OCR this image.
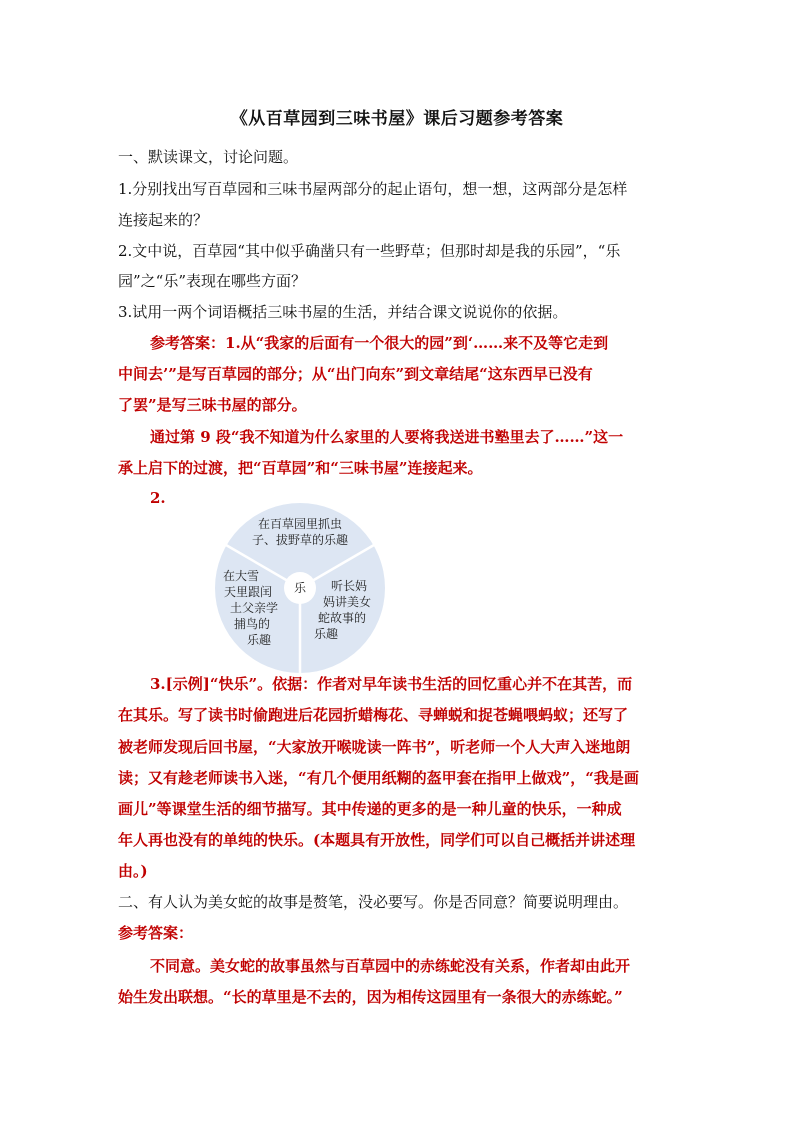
《从百草园到三味书屋》课后习题参考答案
一、默读课文，讨论问题。
1.分别找出写百草园和三味书屋两部分的起止语句，想一想，这两部分是怎样
连接起来的？
2.文中说，百草园“其中似乎确凿只有一些野草；但那时却是我的乐园”，“乐
园”之“乐”表现在哪些方面？
3.试用一两个词语概括三味书屋的生活，并结合课文说说你的依据。
参考答案：1.从“我家的后面有一个很大的园”到‘……来不及等它走到
中间去’”是写百草园的部分；从“出门向东”到文章结尾“这东西早已没有
了罢”是写三味书屋的部分。
通过第 9 段“我不知道为什么家里的人要将我送进书塾里去了……”这一
承上启下的过渡，把“百草园”和“三味书屋”连接起来。
2.
乐
在百草园里抓虫
子、拔野草的乐趣
在大雪
天里跟闰
土父亲学
捕鸟的
乐趣
听长妈
妈讲美女
蛇故事的
乐趣
3.[示例]“快乐”。依据：作者对早年读书生活的回忆重心并不在其苦，而
在其乐。写了读书时偷跑进后花园折蜡梅花、寻蝉蜕和捉苍蝇喂蚂蚁；还写了
被老师发现后回书屋，“大家放开喉咙读一阵书”，听老师一个人大声入迷地朗
读；又有趁老师读书入迷，“有几个便用纸糊的盔甲套在指甲上做戏”，“我是画
画儿”等课堂生活的细节描写。其中传递的更多的是一种儿童的快乐，一种成
年人再也没有的单纯的快乐。(本题具有开放性，同学们可以自己概括并讲述理
由。)
二、有人认为美女蛇的故事是赘笔，没必要写。你是否同意？简要说明理由。
参考答案：
不同意。美女蛇的故事虽然与百草园中的赤练蛇没有关系，作者却由此开
始生发出联想。“长的草里是不去的，因为相传这园里有一条很大的赤练蛇。”
